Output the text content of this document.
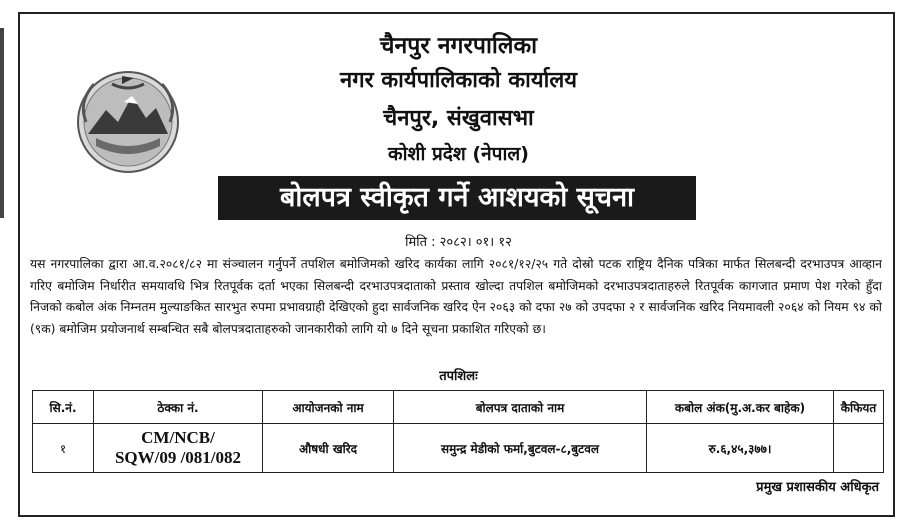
चैनपुर नगरपालिका
नगर कार्यपालिकाको कार्यालय
चैनपुर, संखुवासभा
कोशी प्रदेश (नेपाल)
बोलपत्र स्वीकृत गर्ने आशयको सूचना
मिति : २०८२। ०१। १२

यस नगरपालिका द्वारा आ.व.२०८१/८२ मा संञ्चालन गर्नुपर्ने तपशिल बमोजिमको खरिद कार्यका लागि २०८१/१२/२५ गते दोस्रो पटक राष्ट्रिय दैनिक पत्रिका मार्फत सिलबन्दी दरभाउपत्र आव्हान गरिए बमोजिम निर्धारीत समयावधि भित्र रितपूर्वक दर्ता भएका सिलबन्दी दरभाउपत्रदाताको प्रस्ताव खोल्दा तपशिल बमोजिमको दरभाउपत्रदाताहरुले रितपूर्वक कागजात प्रमाण पेश गरेको हुँदा निजको कबोल अंक निम्नतम मुल्याङकित सारभुत रुपमा प्रभावग्राही देखिएको हुदा सार्वजनिक खरिद ऐन २०६३ को दफा २७ को उपदफा २ र सार्वजनिक खरिद नियमावली २०६४ को नियम ९४ को (९क) बमोजिम प्रयोजनार्थ सम्बन्धित सबै बोलपत्रदाताहरुको जानकारीको लागि यो ७ दिने सूचना प्रकाशित गरिएको छ।

तपशिलः
सि.नं.	ठेक्का नं.	आयोजनको नाम	बोलपत्र दाताको नाम	कबोल अंक(मु.अ.कर बाहेक)	कैफियत
१	CM/NCB/
SQW/09 /081/082	औषधी खरिद	समुन्द्र मेडीको फर्मा,बुटवल-८,बुटवल	रु.६,४५,३७७।	
प्रमुख प्रशासकीय अधिकृत
